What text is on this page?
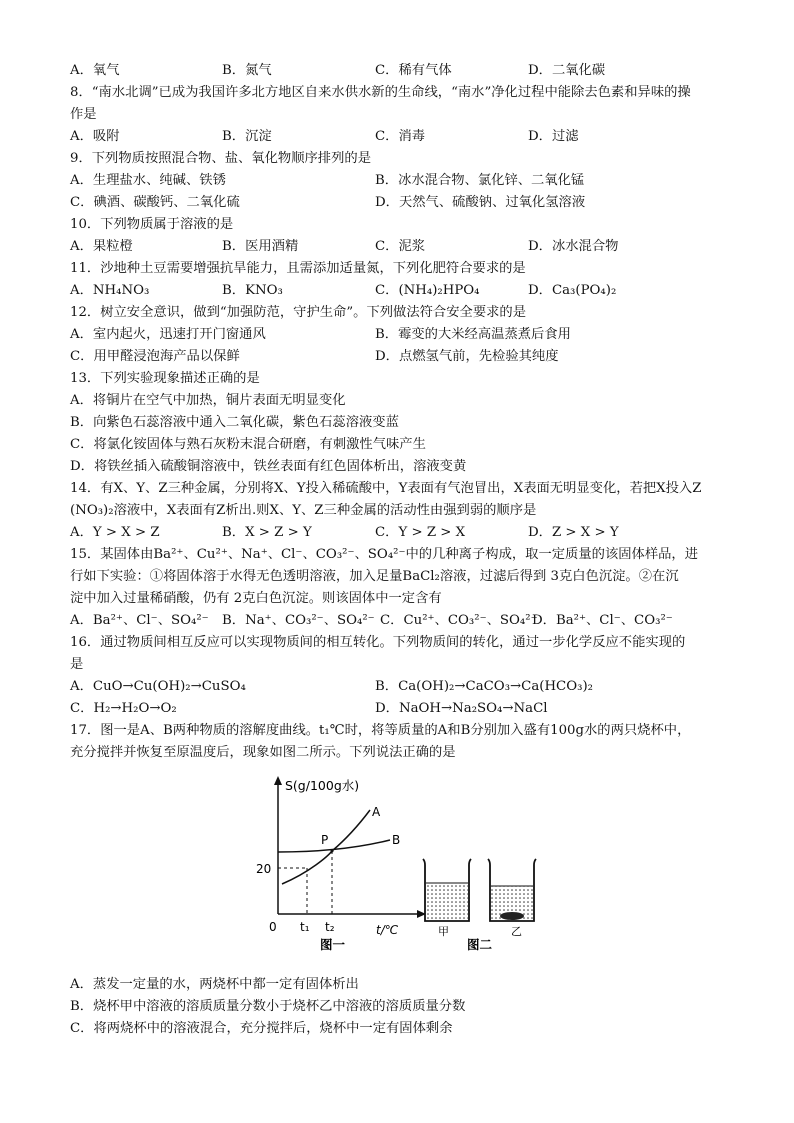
A．氧气	B．氮气	C．稀有气体	D．二氧化碳
8．“南水北调”已成为我国许多北方地区自来水供水新的生命线，“南水”净化过程中能除去色素和异味的操
作是
A．吸附	B．沉淀	C．消毒	D．过滤
9．下列物质按照混合物、盐、氧化物顺序排列的是
A．生理盐水、纯碱、铁锈	B．冰水混合物、氯化锌、二氧化锰
C．碘酒、碳酸钙、二氧化硫	D．天然气、硫酸钠、过氧化氢溶液
10．下列物质属于溶液的是
A．果粒橙	B．医用酒精	C．泥浆	D．冰水混合物
11．沙地种土豆需要增强抗旱能力，且需添加适量氮，下列化肥符合要求的是
A．NH₄NO₃	B．KNO₃	C．(NH₄)₂HPO₄	D．Ca₃(PO₄)₂
12．树立安全意识，做到“加强防范，守护生命”。下列做法符合安全要求的是
A．室内起火，迅速打开门窗通风	B．霉变的大米经高温蒸煮后食用
C．用甲醛浸泡海产品以保鲜	D．点燃氢气前，先检验其纯度
13．下列实验现象描述正确的是
A．将铜片在空气中加热，铜片表面无明显变化
B．向紫色石蕊溶液中通入二氧化碳，紫色石蕊溶液变蓝
C．将氯化铵固体与熟石灰粉末混合研磨，有刺激性气味产生
D．将铁丝插入硫酸铜溶液中，铁丝表面有红色固体析出，溶液变黄
14．有X、Y、Z三种金属，分别将X、Y投入稀硫酸中，Y表面有气泡冒出，X表面无明显变化，若把X投入Z
(NO₃)₂溶液中，X表面有Z析出.则X、Y、Z三种金属的活动性由强到弱的顺序是
A．Y > X > Z	B．X > Z > Y	C．Y > Z > X	D．Z > X > Y
15．某固体由Ba²⁺、Cu²⁺、Na⁺、Cl⁻、CO₃²⁻、SO₄²⁻中的几种离子构成，取一定质量的该固体样品，进
行如下实验：①将固体溶于水得无色透明溶液，加入足量BaCl₂溶液，过滤后得到 3克白色沉淀。②在沉
淀中加入过量稀硝酸，仍有 2克白色沉淀。则该固体中一定含有
A．Ba²⁺、Cl⁻、SO₄²⁻ B．Na⁺、CO₃²⁻、SO₄²⁻ C．Cu²⁺、CO₃²⁻、SO₄²⁻
D．Ba²⁺、Cl⁻、CO₃²⁻
16．通过物质间相互反应可以实现物质间的相互转化。下列物质间的转化，通过一步化学反应不能实现的
是
A．CuO→Cu(OH)₂→CuSO₄	B．Ca(OH)₂→CaCO₃→Ca(HCO₃)₂
C．H₂→H₂O→O₂	D．NaOH→Na₂SO₄→NaCl
17．图一是A、B两种物质的溶解度曲线。t₁℃时，将等质量的A和B分别加入盛有100g水的两只烧杯中，
充分搅拌并恢复至原温度后，现象如图二所示。下列说法正确的是
S(g/100g水)
t/℃
0
20
A
B
P
t₁ t₂
图一
甲	乙
图二
A．蒸发一定量的水，两烧杯中都一定有固体析出
B．烧杯甲中溶液的溶质质量分数小于烧杯乙中溶液的溶质质量分数
C．将两烧杯中的溶液混合，充分搅拌后，烧杯中一定有固体剩余
